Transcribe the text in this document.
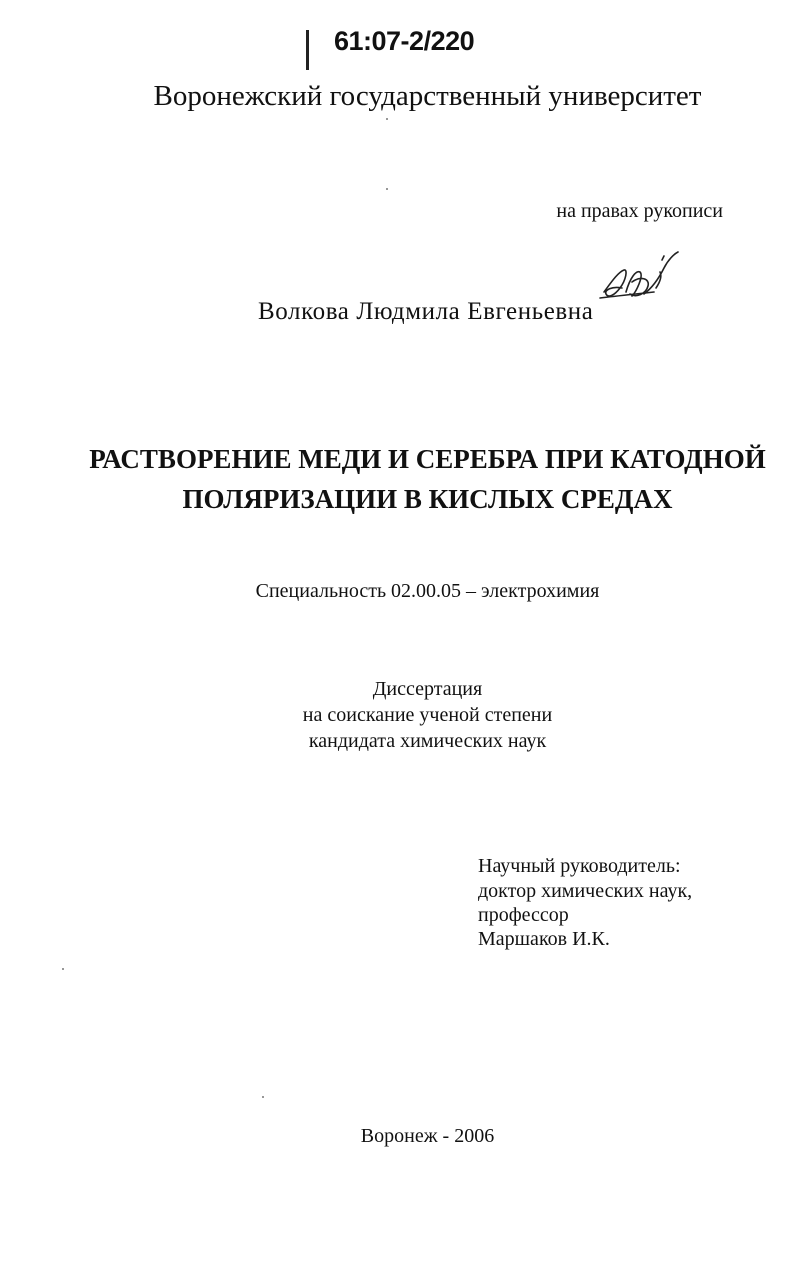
61:07-2/220
Воронежский государственный университет
на правах рукописи
Волкова Людмила Евгеньевна
РАСТВОРЕНИЕ МЕДИ И СЕРЕБРА ПРИ КАТОДНОЙ
ПОЛЯРИЗАЦИИ В КИСЛЫХ СРЕДАХ
Специальность 02.00.05 – электрохимия
Диссертация
на соискание ученой степени
кандидата химических наук
Научный руководитель:
доктор химических наук,
профессор
Маршаков И.К.
Воронеж - 2006
